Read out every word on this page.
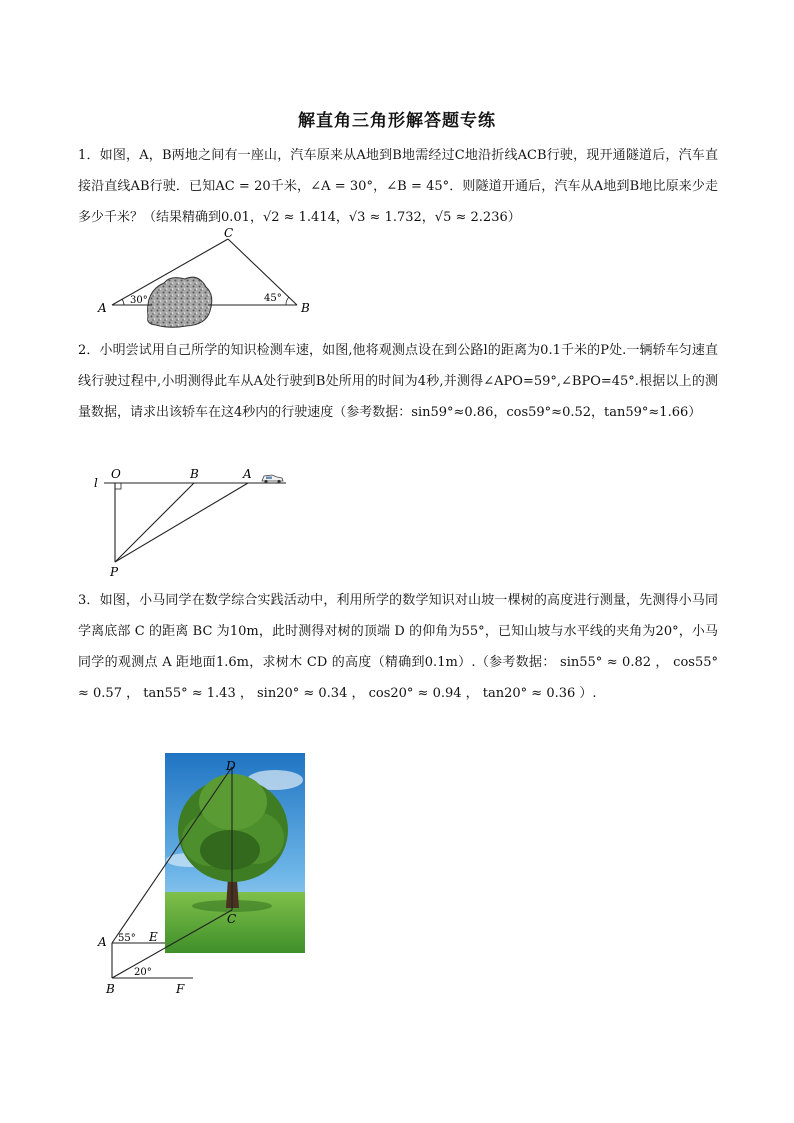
解直角三角形解答题专练
1．如图，A，B两地之间有一座山，汽车原来从A地到B地需经过C地沿折线ACB行驶，现开通隧道后，汽车直接沿直线AB行驶．已知AC = 20千米，∠A = 30°，∠B = 45°．则隧道开通后，汽车从A地到B地比原来少走多少千米？（结果精确到0.01，√2 ≈ 1.414，√3 ≈ 1.732，√5 ≈ 2.236）
C
A	B
30°	45°
2．小明尝试用自己所学的知识检测车速，如图,他将观测点设在到公路l的距离为0.1千米的P处.一辆轿车匀速直线行驶过程中,小明测得此车从A处行驶到B处所用的时间为4秒,并测得∠APO=59°,∠BPO=45°.根据以上的测量数据，请求出该轿车在这4秒内的行驶速度（参考数据：sin59°≈0.86，cos59°≈0.52，tan59°≈1.66）
l
O	B	A
P
3．如图，小马同学在数学综合实践活动中，利用所学的数学知识对山坡一棵树的高度进行测量，先测得小马同学离底部 C 的距离 BC 为10m，此时测得对树的顶端 D 的仰角为55°，已知山坡与水平线的夹角为20°，小马同学的观测点 A 距地面1.6m，求树木 CD 的高度（精确到0.1m）.（参考数据： sin55° ≈ 0.82 ， cos55° ≈ 0.57 ， tan55° ≈ 1.43 ， sin20° ≈ 0.34 ， cos20° ≈ 0.94 ， tan20° ≈ 0.36 ）.
D
C
A	E
B	F
55°
20°
